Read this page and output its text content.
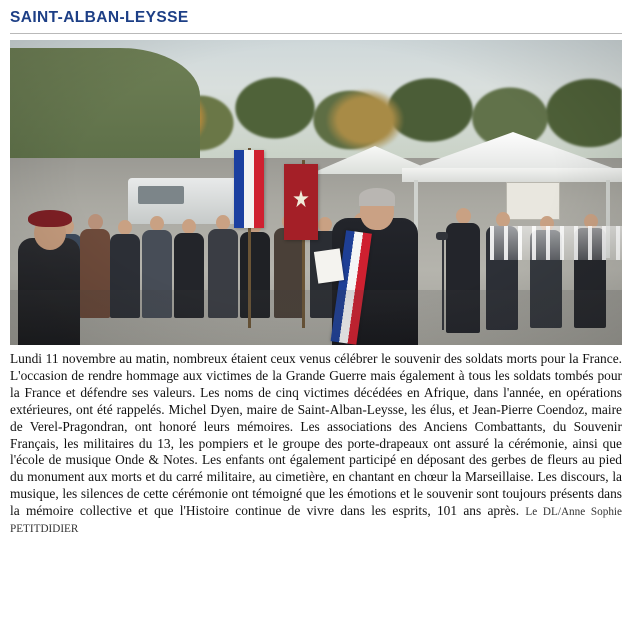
SAINT-ALBAN-LEYSSE

Lundi 11 novembre au matin, nombreux étaient ceux venus célébrer le souvenir des soldats morts pour la France. L'occasion de rendre hommage aux victimes de la Grande Guerre mais également à tous les soldats tombés pour la France et défendre ses valeurs. Les noms de cinq victimes décédées en Afrique, dans l'année, en opérations extérieures, ont été rappelés. Michel Dyen, maire de Saint-Alban-Leysse, les élus, et Jean-Pierre Coendoz, maire de Verel-Pragondran, ont honoré leurs mémoires. Les associations des Anciens Combattants, du Souvenir Français, les militaires du 13, les pompiers et le groupe des porte-drapeaux ont assuré la cérémonie, ainsi que l'école de musique Onde & Notes. Les enfants ont également participé en déposant des gerbes de fleurs au pied du monument aux morts et du carré militaire, au cimetière, en chantant en chœur la Marseillaise. Les discours, la musique, les silences de cette cérémonie ont témoigné que les émotions et le souvenir sont toujours présents dans la mémoire collective et que l'Histoire continue de vivre dans les esprits, 101 ans après. Le DL/Anne Sophie PETITDIDIER
